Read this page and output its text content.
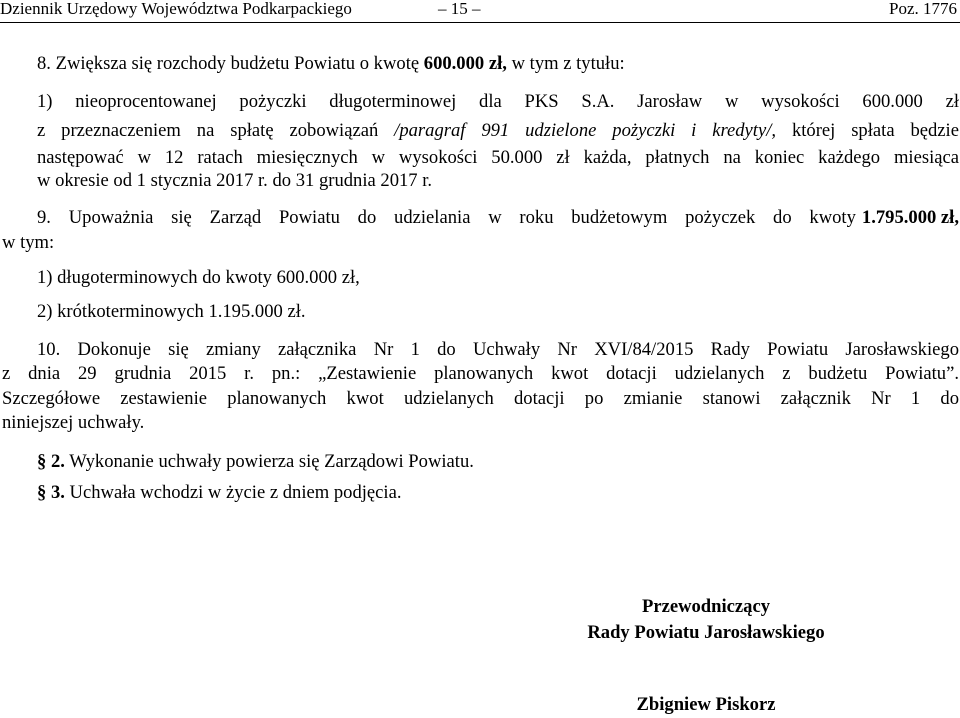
Dziennik Urzędowy Województwa Podkarpackiego	– 15 –	Poz. 1776
8. Zwiększa się rozchody budżetu Powiatu o kwotę 600.000 zł, w tym z tytułu:
1) nieoprocentowanej pożyczki długoterminowej dla PKS S.A. Jarosław w wysokości 600.000 zł
z przeznaczeniem na spłatę zobowiązań /paragraf 991 udzielone pożyczki i kredyty/, której spłata będzie
następować w 12 ratach miesięcznych w wysokości 50.000 zł każda, płatnych na koniec każdego miesiąca
w okresie od 1 stycznia 2017 r. do 31 grudnia 2017 r.
9. Upoważnia się Zarząd Powiatu do udzielania w roku budżetowym pożyczek do kwoty 1.795.000 zł,
w tym:
1) długoterminowych do kwoty 600.000 zł,
2) krótkoterminowych 1.195.000 zł.
10. Dokonuje się zmiany załącznika Nr 1 do Uchwały Nr XVI/84/2015 Rady Powiatu Jarosławskiego
z dnia 29 grudnia 2015 r. pn.: „Zestawienie planowanych kwot dotacji udzielanych z budżetu Powiatu”.
Szczegółowe zestawienie planowanych kwot udzielanych dotacji po zmianie stanowi załącznik Nr 1 do
niniejszej uchwały.
§ 2. Wykonanie uchwały powierza się Zarządowi Powiatu.
§ 3. Uchwała wchodzi w życie z dniem podjęcia.
Przewodniczący
Rady Powiatu Jarosławskiego
Zbigniew Piskorz
